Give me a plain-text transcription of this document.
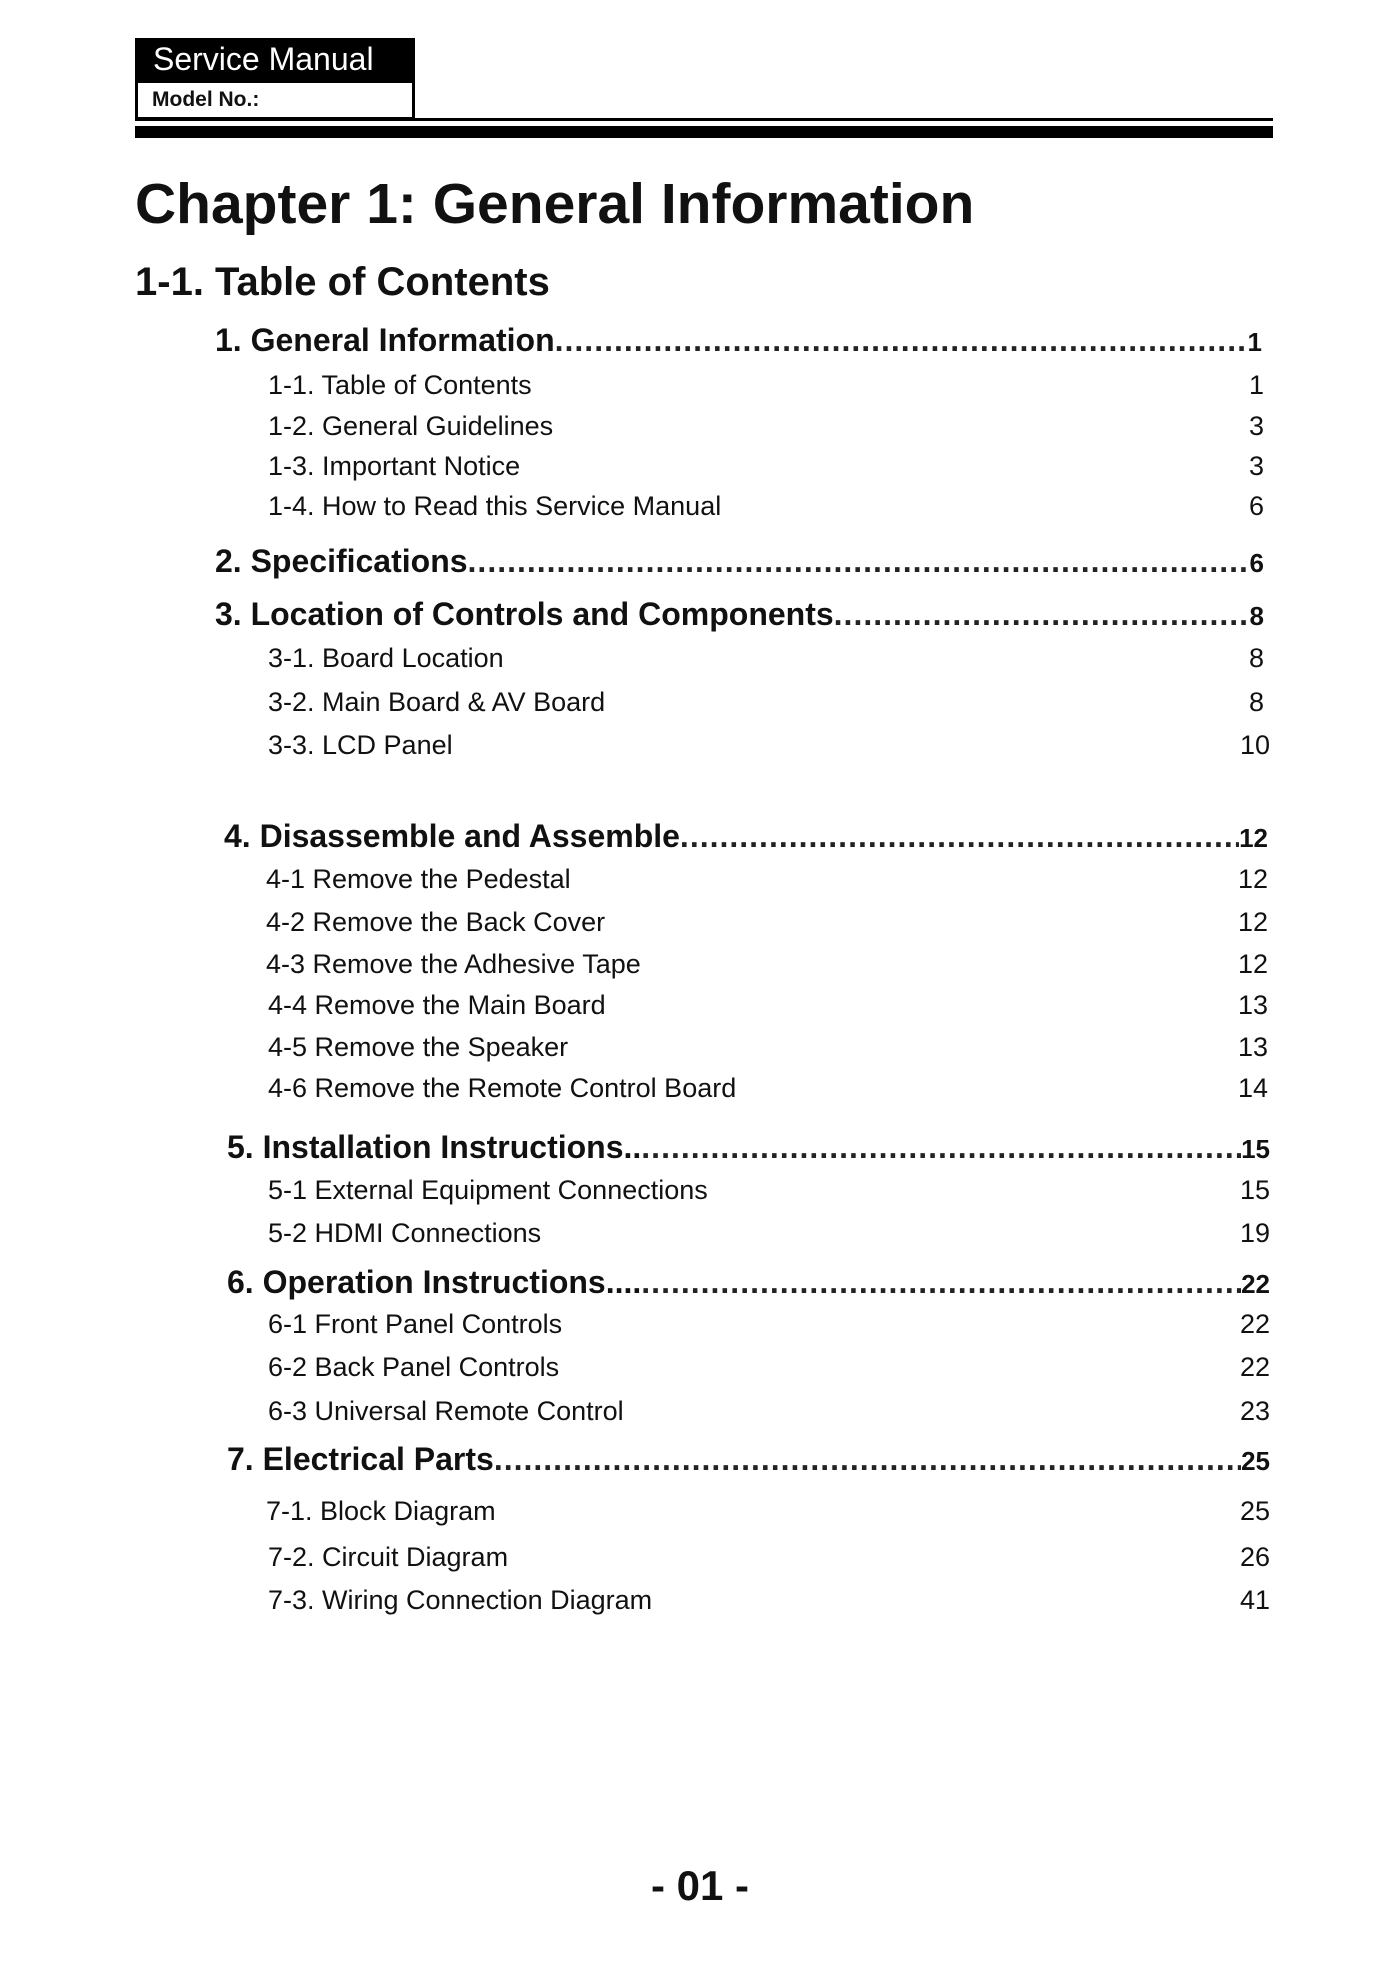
Service Manual
Model No.:
Chapter 1: General Information
1-1. Table of Contents
1. General Information .....	1
1-1. Table of Contents	1
1-2. General Guidelines	3
1-3. Important Notice	3
1-4. How to Read this Service Manual	6
2. Specifications .....	6
3. Location of Controls and Components .....	8
3-1. Board Location	8
3-2. Main Board & AV Board	8
3-3. LCD Panel	10
4. Disassemble and Assemble .....	12
4-1 Remove the Pedestal	12
4-2 Remove the Back Cover	12
4-3 Remove the Adhesive Tape	12
4-4 Remove the Main Board	13
4-5 Remove the Speaker	13
4-6 Remove the Remote Control Board	14
5. Installation Instructions.. .....	15
5-1 External Equipment Connections	15
5-2 HDMI Connections	19
6. Operation Instructions.... .....	22
6-1 Front Panel Controls	22
6-2 Back Panel Controls	22
6-3 Universal Remote Control	23
7. Electrical Parts .....	25
7-1. Block Diagram	25
7-2. Circuit Diagram	26
7-3. Wiring Connection Diagram	41
- 01 -
